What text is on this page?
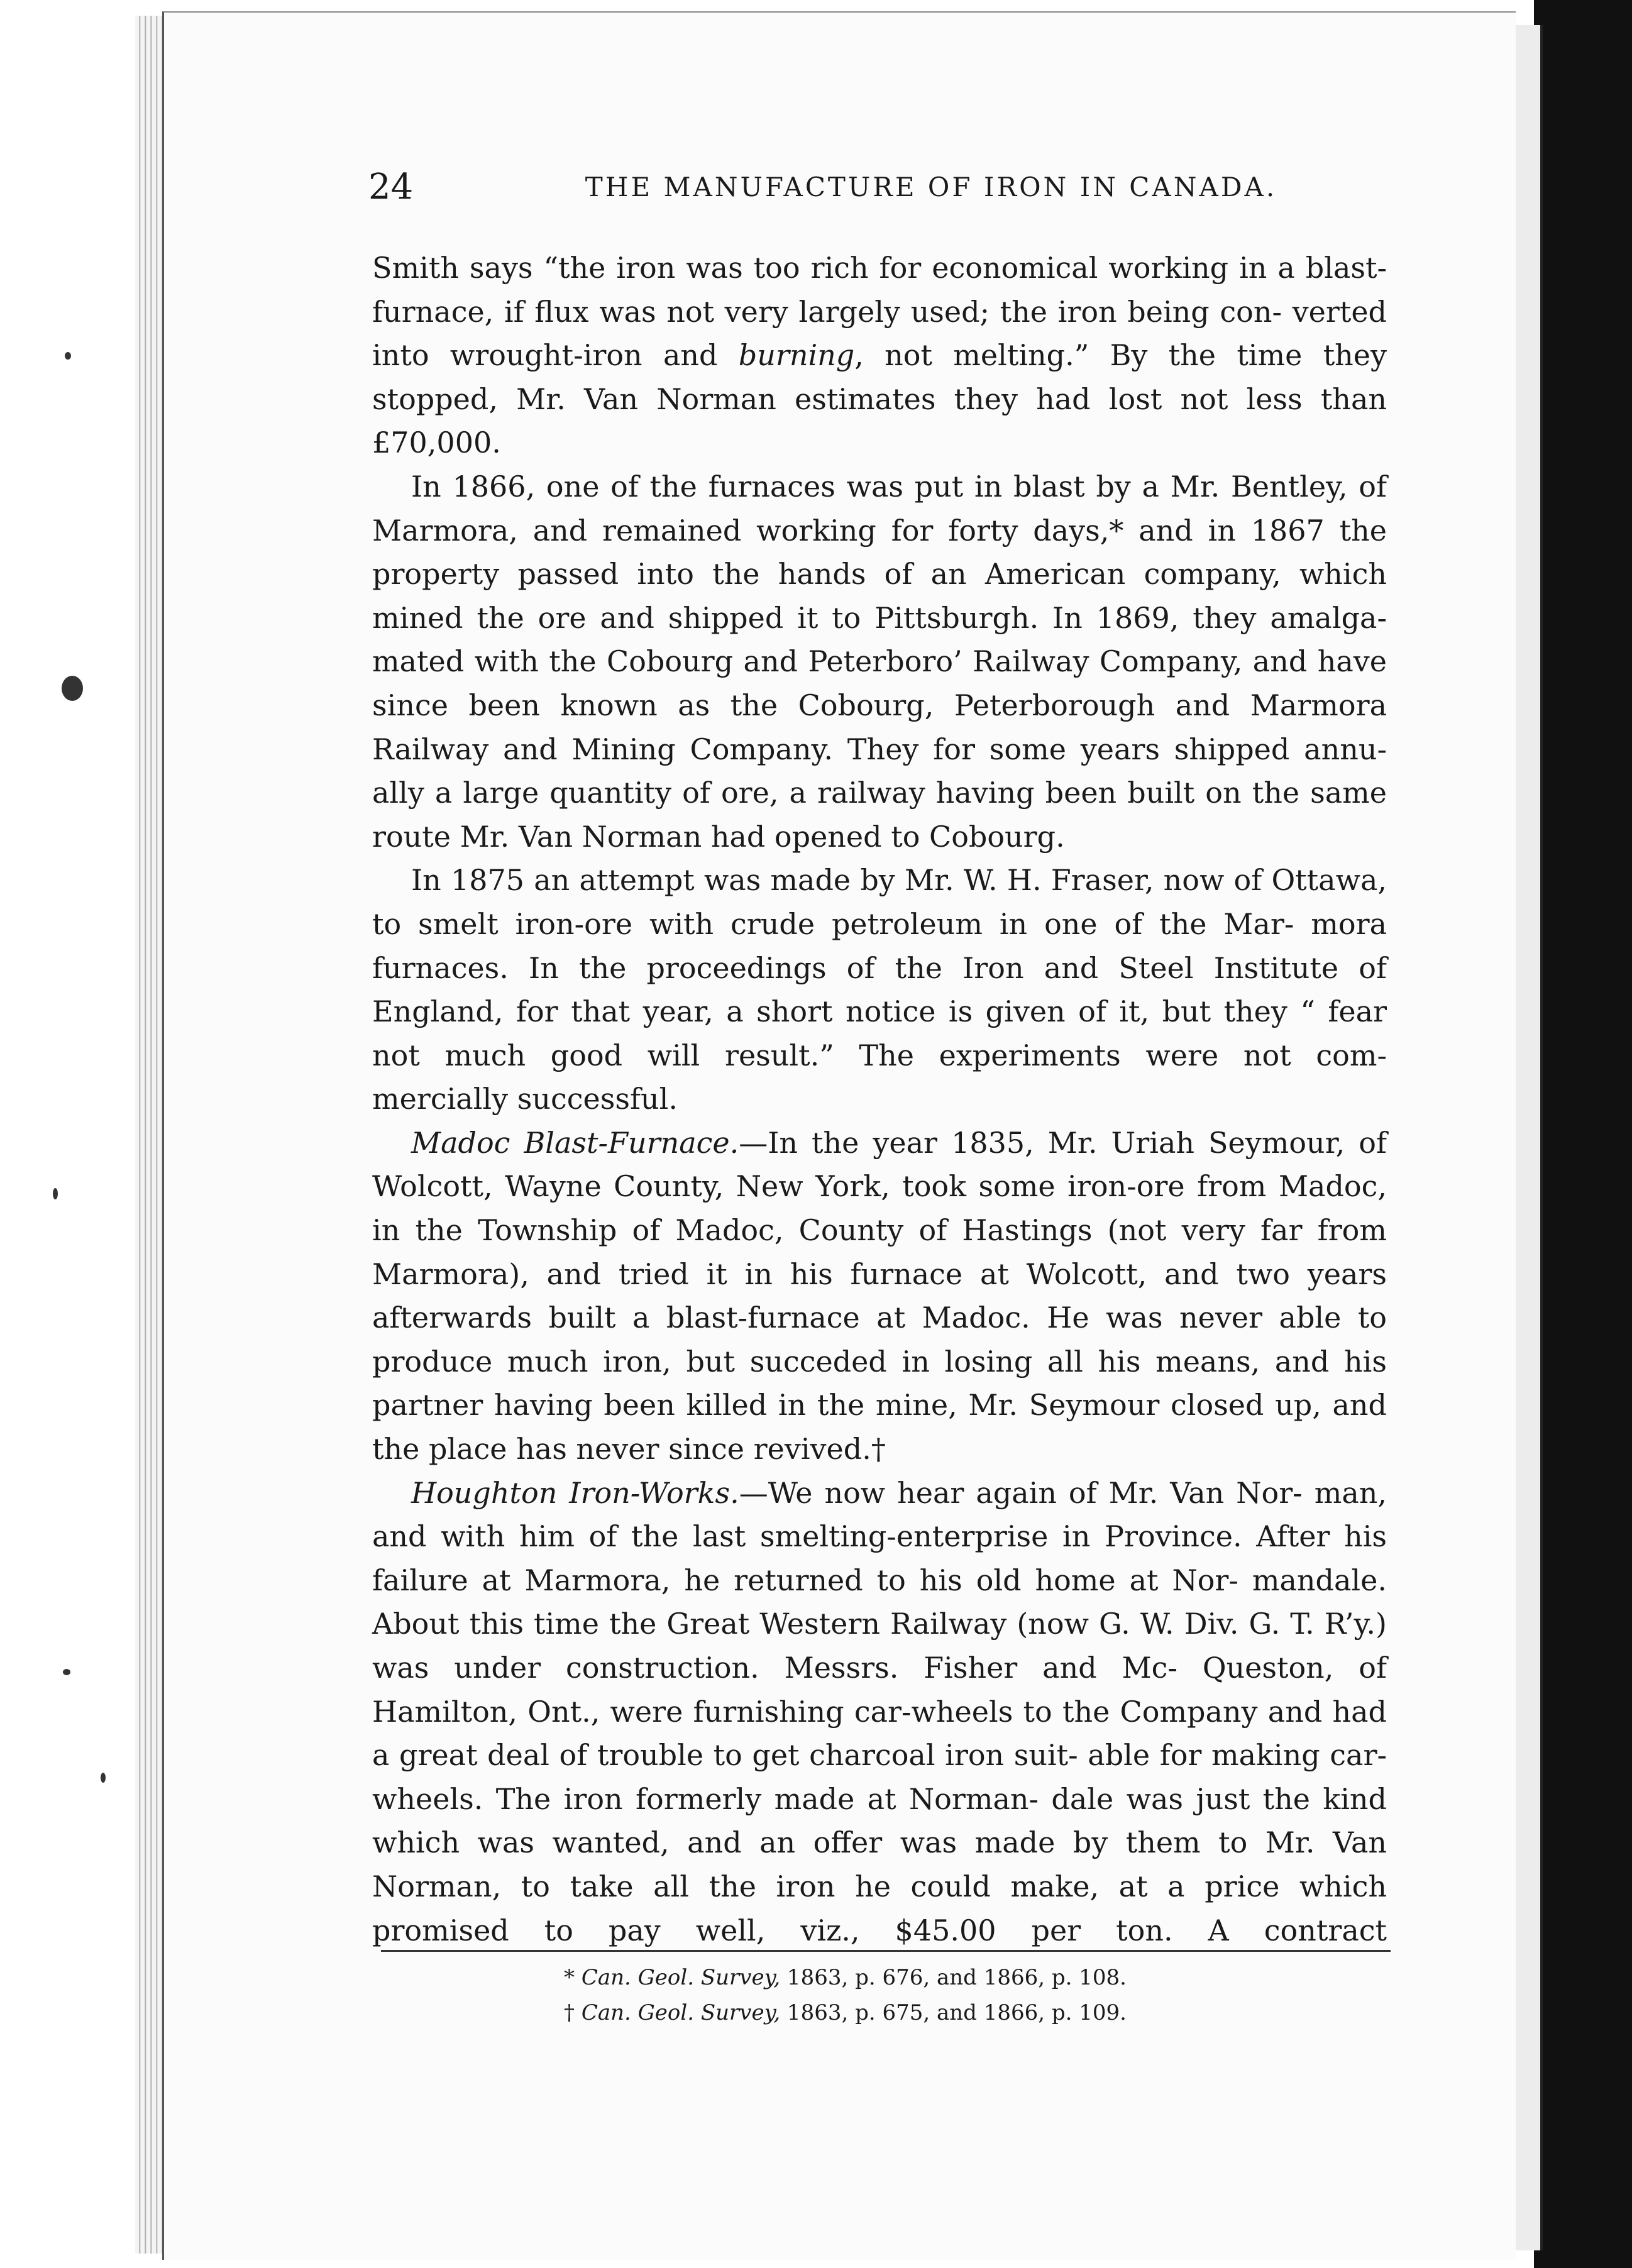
24	THE MANUFACTURE OF IRON IN CANADA.

Smith says “the iron was too rich for economical working in a blast-furnace, if flux was not very largely used; the iron being con- verted into wrought-iron and burning, not melting.” By the time they stopped, Mr. Van Norman estimates they had lost not less than £70,000.

In 1866, one of the furnaces was put in blast by a Mr. Bentley, of Marmora, and remained working for forty days,* and in 1867 the property passed into the hands of an American company, which mined the ore and shipped it to Pittsburgh. In 1869, they amalga- mated with the Cobourg and Peterboro’ Railway Company, and have since been known as the Cobourg, Peterborough and Marmora Railway and Mining Company. They for some years shipped annu- ally a large quantity of ore, a railway having been built on the same route Mr. Van Norman had opened to Cobourg.

In 1875 an attempt was made by Mr. W. H. Fraser, now of Ottawa, to smelt iron-ore with crude petroleum in one of the Mar- mora furnaces. In the proceedings of the Iron and Steel Institute of England, for that year, a short notice is given of it, but they “ fear not much good will result.” The experiments were not com- mercially successful.

Madoc Blast-Furnace.—In the year 1835, Mr. Uriah Seymour, of Wolcott, Wayne County, New York, took some iron-ore from Madoc, in the Township of Madoc, County of Hastings (not very far from Marmora), and tried it in his furnace at Wolcott, and two years afterwards built a blast-furnace at Madoc. He was never able to produce much iron, but succeded in losing all his means, and his partner having been killed in the mine, Mr. Seymour closed up, and the place has never since revived.†

Houghton Iron-Works.—We now hear again of Mr. Van Nor- man, and with him of the last smelting-enterprise in Province. After his failure at Marmora, he returned to his old home at Nor- mandale. About this time the Great Western Railway (now G. W. Div. G. T. R’y.) was under construction. Messrs. Fisher and Mc- Queston, of Hamilton, Ont., were furnishing car-wheels to the Company and had a great deal of trouble to get charcoal iron suit- able for making car-wheels. The iron formerly made at Norman- dale was just the kind which was wanted, and an offer was made by them to Mr. Van Norman, to take all the iron he could make, at a price which promised to pay well, viz., $45.00 per ton. A contract

* Can. Geol. Survey, 1863, p. 676, and 1866, p. 108.
† Can. Geol. Survey, 1863, p. 675, and 1866, p. 109.
